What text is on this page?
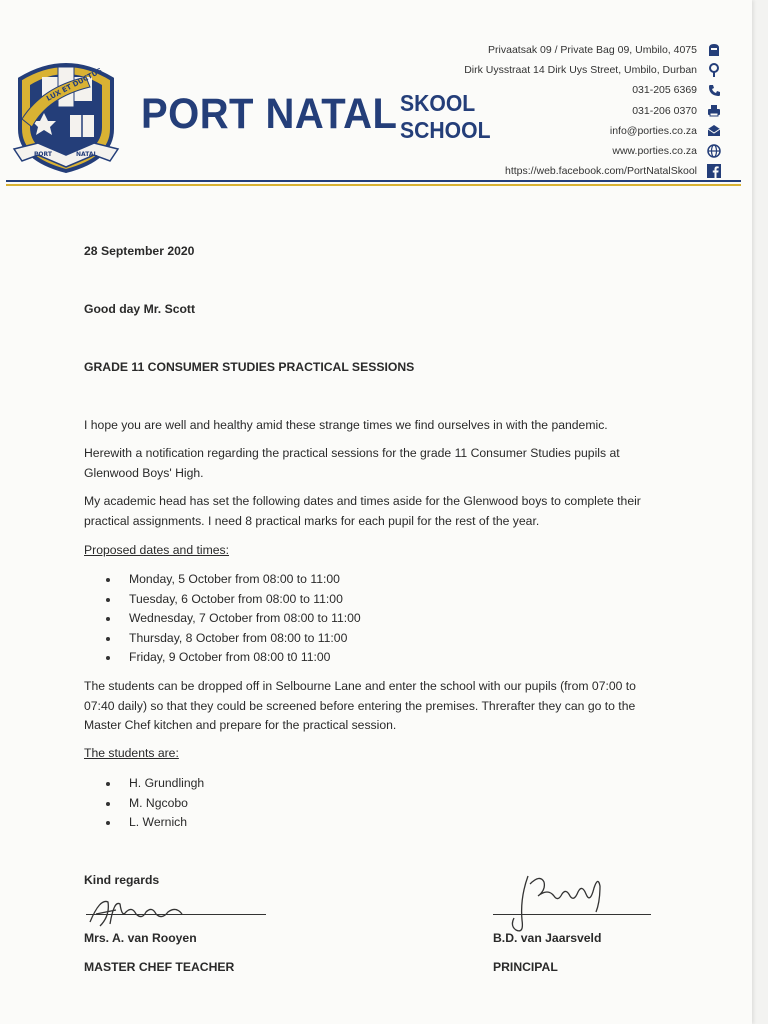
PORT	NATAL
LUX ET DUCTUS
PORT NATAL SKOOL
SCHOOL
Privaatsak 09 / Private Bag 09, Umbilo, 4075
Dirk Uysstraat 14 Dirk Uys Street, Umbilo, Durban
031-205 6369
031-206 0370
info@porties.co.za
www.porties.co.za
https://web.facebook.com/PortNatalSkool
28 September 2020
Good day Mr. Scott
GRADE 11 CONSUMER STUDIES PRACTICAL SESSIONS
I hope you are well and healthy amid these strange times we find ourselves in with the pandemic.
Herewith a notification regarding the practical sessions for the grade 11 Consumer Studies pupils at Glenwood Boys' High.
My academic head has set the following dates and times aside for the Glenwood boys to complete their practical assignments. I need 8 practical marks for each pupil for the rest of the year.
Proposed dates and times:
Monday, 5 October from 08:00 to 11:00
Tuesday, 6 October from 08:00 to 11:00
Wednesday, 7 October from 08:00 to 11:00
Thursday, 8 October from 08:00 to 11:00
Friday, 9 October from 08:00 t0 11:00
The students can be dropped off in Selbourne Lane and enter the school with our pupils (from 07:00 to 07:40 daily) so that they could be screened before entering the premises. Threrafter they can go to the Master Chef kitchen and prepare for the practical session.
The students are:
H. Grundlingh
M. Ngcobo
L. Wernich
Kind regards
Mrs. A. van Rooyen
MASTER CHEF TEACHER
B.D. van Jaarsveld
PRINCIPAL
